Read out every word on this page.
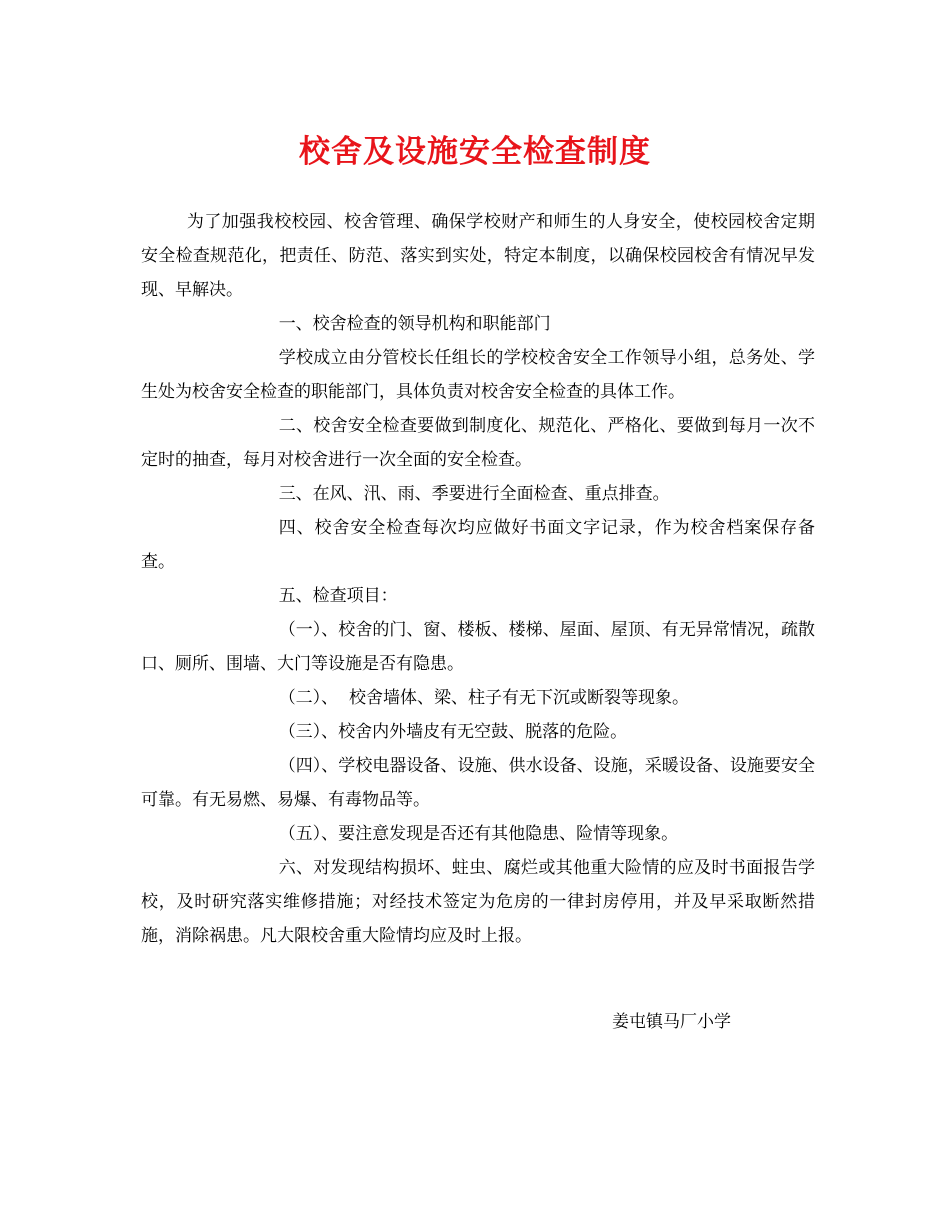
校舍及设施安全检查制度

为了加强我校校园、校舍管理、确保学校财产和师生的人身安全，使校园校舍定期安全检查规范化，把责任、防范、落实到实处，特定本制度，以确保校园校舍有情况早发现、早解决。

一、校舍检查的领导机构和职能部门

学校成立由分管校长任组长的学校校舍安全工作领导小组，总务处、学生处为校舍安全检查的职能部门，具体负责对校舍安全检查的具体工作。

二、校舍安全检查要做到制度化、规范化、严格化、要做到每月一次不定时的抽查，每月对校舍进行一次全面的安全检查。

三、在风、汛、雨、季要进行全面检查、重点排查。

四、校舍安全检查每次均应做好书面文字记录，作为校舍档案保存备查。

五、检查项目：

（一）、校舍的门、窗、楼板、楼梯、屋面、屋顶、有无异常情况，疏散口、厕所、围墙、大门等设施是否有隐患。

（二）、  校舍墙体、梁、柱子有无下沉或断裂等现象。

（三）、校舍内外墙皮有无空鼓、脱落的危险。

（四）、学校电器设备、设施、供水设备、设施，采暖设备、设施要安全可靠。有无易燃、易爆、有毒物品等。

（五）、要注意发现是否还有其他隐患、险情等现象。

六、对发现结构损坏、蛀虫、腐烂或其他重大险情的应及时书面报告学校，及时研究落实维修措施；对经技术签定为危房的一律封房停用，并及早采取断然措施，消除祸患。凡大限校舍重大险情均应及时上报。

姜屯镇马厂小学
